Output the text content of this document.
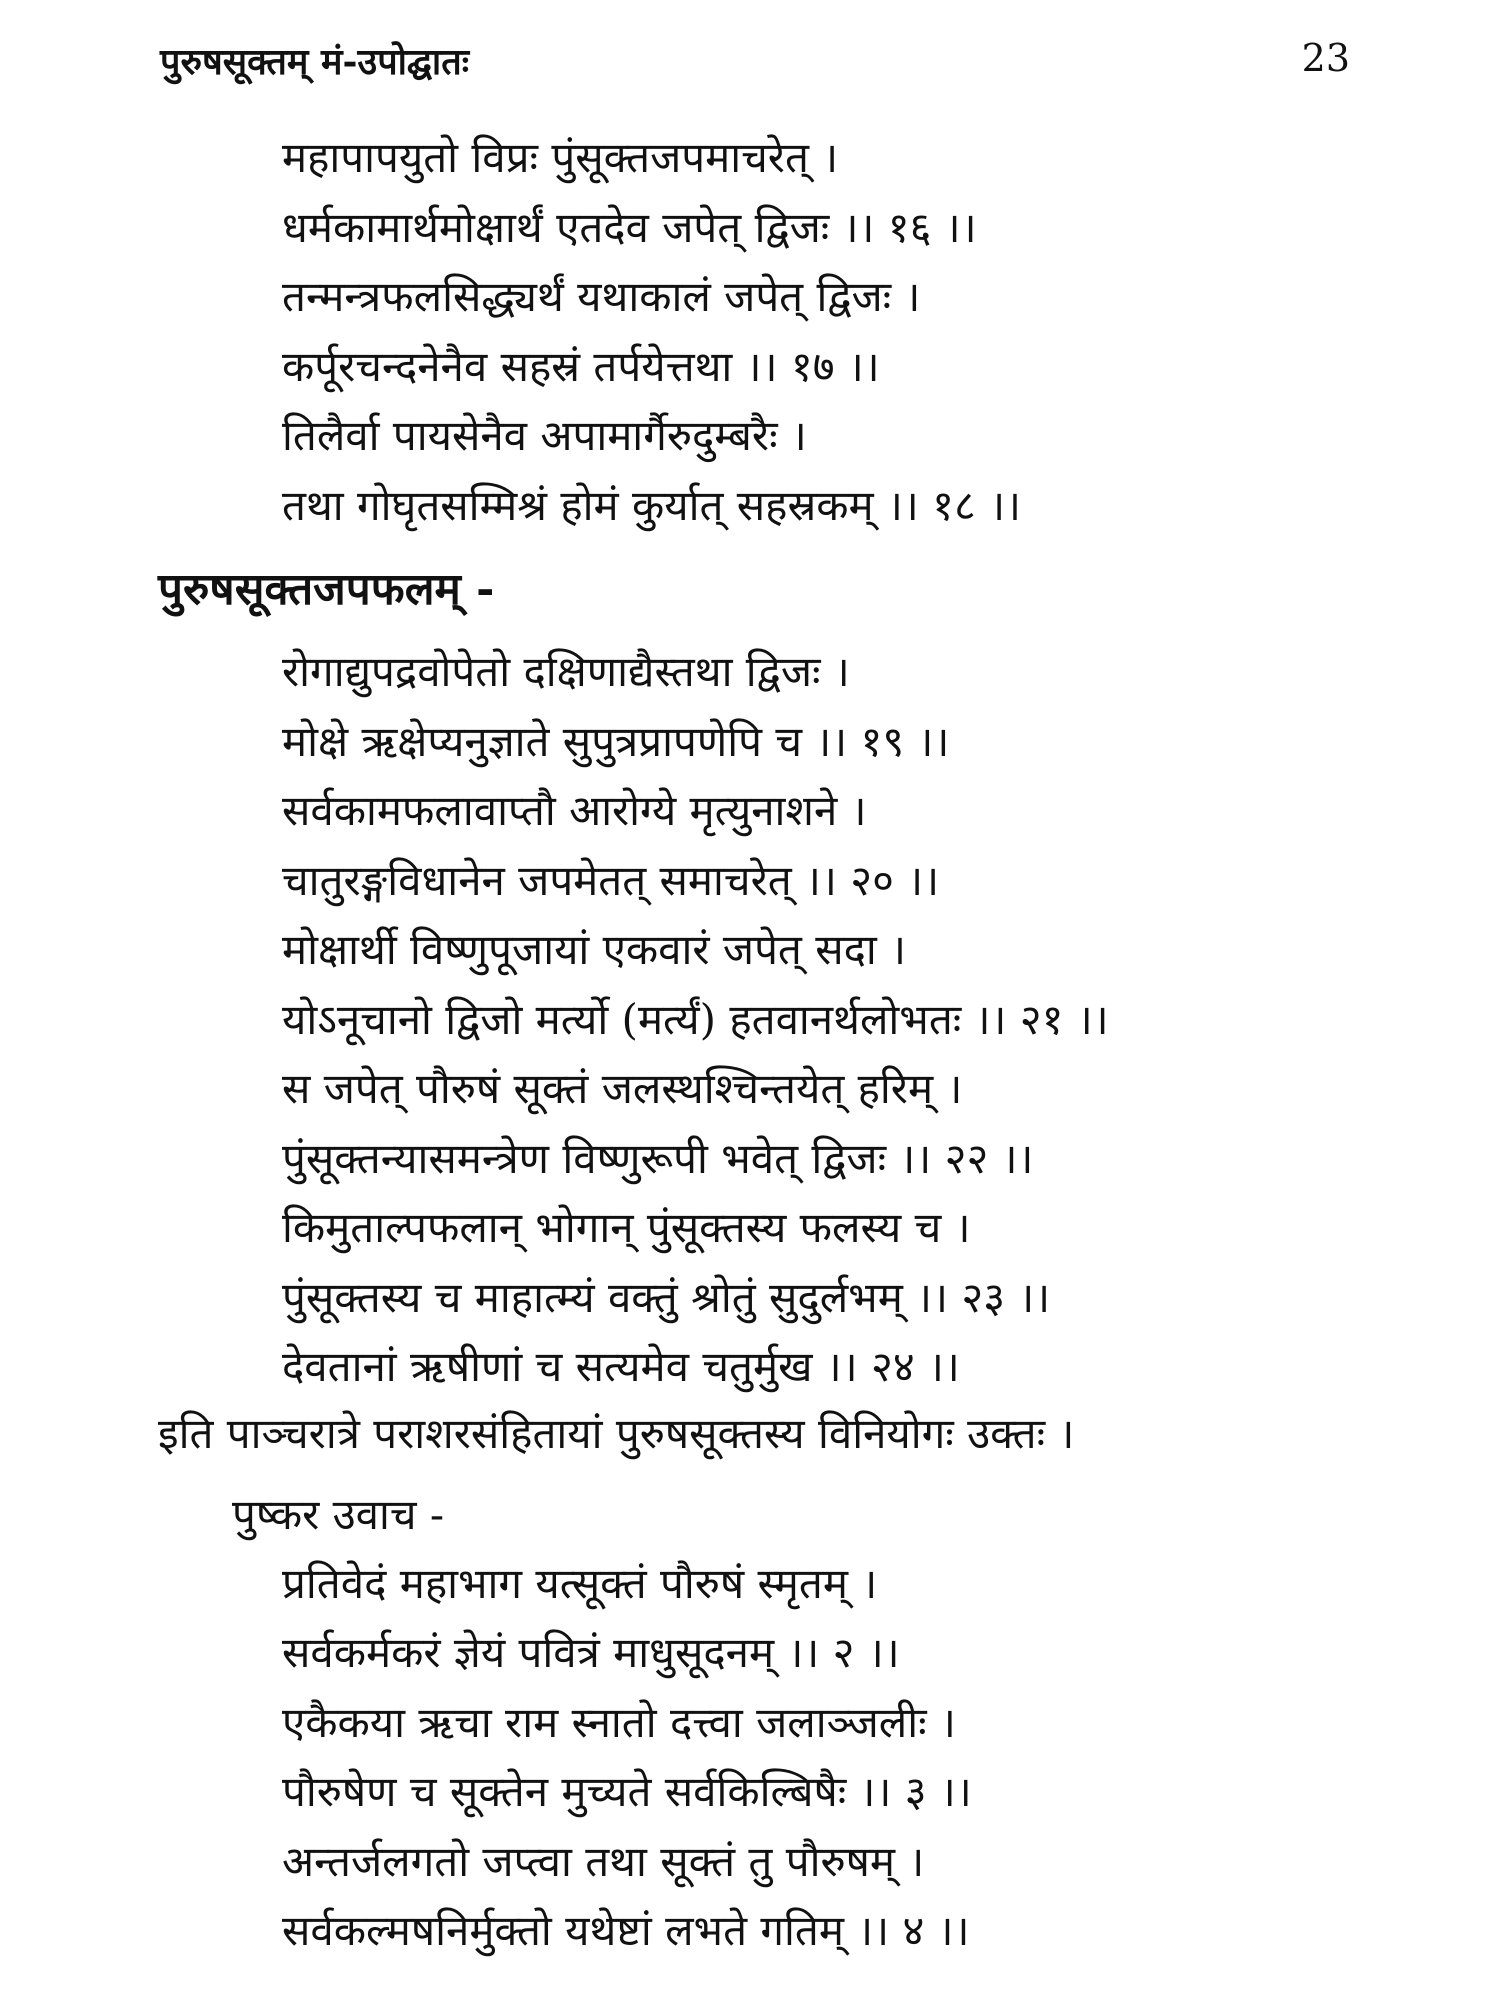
पुरुषसूक्तम् मं-उपोद्घातः	23
महापापयुतो विप्रः पुंसूक्तजपमाचरेत् ।
धर्मकामार्थमोक्षार्थं एतदेव जपेत् द्विजः ।। १६ ।।
तन्मन्त्रफलसिद्ध्यर्थं यथाकालं जपेत् द्विजः ।
कर्पूरचन्दनेनैव सहस्रं तर्पयेत्तथा ।। १७ ।।
तिलैर्वा पायसेनैव अपामार्गैरुदुम्बरैः ।
तथा गोघृतसम्मिश्रं होमं कुर्यात् सहस्रकम् ।। १८ ।।
पुरुषसूक्तजपफलम् -
रोगाद्युपद्रवोपेतो दक्षिणाद्यैस्तथा द्विजः ।
मोक्षे ऋक्षेप्यनुज्ञाते सुपुत्रप्रापणेपि च ।। १९ ।।
सर्वकामफलावाप्तौ आरोग्ये मृत्युनाशने ।
चातुरङ्गविधानेन जपमेतत् समाचरेत् ।। २० ।।
मोक्षार्थी विष्णुपूजायां एकवारं जपेत् सदा ।
योऽनूचानो द्विजो मर्त्यो (मर्त्यं) हतवानर्थलोभतः ।। २१ ।।
स जपेत् पौरुषं सूक्तं जलस्थश्चिन्तयेत् हरिम् ।
पुंसूक्तन्यासमन्त्रेण विष्णुरूपी भवेत् द्विजः ।। २२ ।।
किमुताल्पफलान् भोगान् पुंसूक्तस्य फलस्य च ।
पुंसूक्तस्य च माहात्म्यं वक्तुं श्रोतुं सुदुर्लभम् ।। २३ ।।
देवतानां ऋषीणां च सत्यमेव चतुर्मुख ।। २४ ।।
इति पाञ्चरात्रे पराशरसंहितायां पुरुषसूक्तस्य विनियोगः उक्तः ।
पुष्कर उवाच -
प्रतिवेदं महाभाग यत्सूक्तं पौरुषं स्मृतम् ।
सर्वकर्मकरं ज्ञेयं पवित्रं माधुसूदनम् ।। २ ।।
एकैकया ऋचा राम स्नातो दत्त्वा जलाञ्जलीः ।
पौरुषेण च सूक्तेन मुच्यते सर्वकिल्बिषैः ।। ३ ।।
अन्तर्जलगतो जप्त्वा तथा सूक्तं तु पौरुषम् ।
सर्वकल्मषनिर्मुक्तो यथेष्टां लभते गतिम् ।। ४ ।।
